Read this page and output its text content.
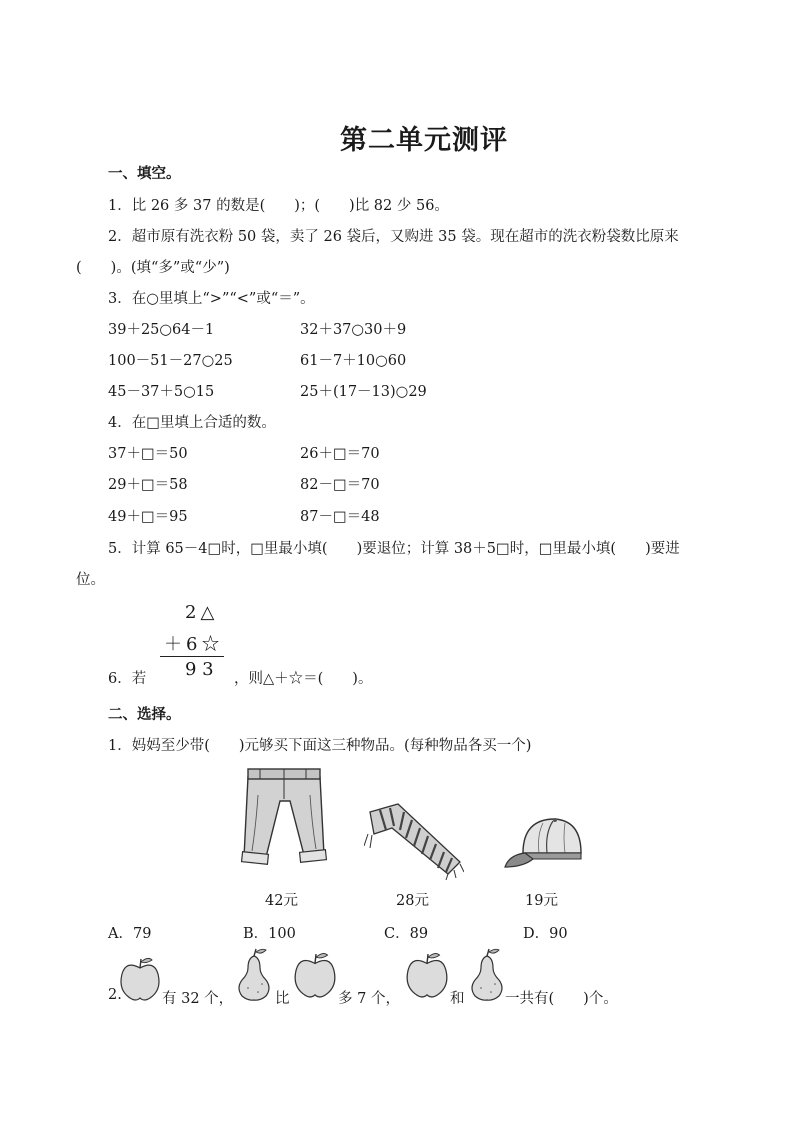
第二单元测评
一、填空。
1．比 26 多 37 的数是(　　)；(　　)比 82 少 56。
2．超市原有洗衣粉 50 袋，卖了 26 袋后，又购进 35 袋。现在超市的洗衣粉袋数比原来
(　　)。(填“多”或“少”)
3．在○里填上“>”“<”或“＝”。
39＋25○64－1	32＋37○30＋9
100－51－27○25	61－7＋10○60
45－37＋5○15	25＋(17－13)○29
4．在□里填上合适的数。
37＋□＝50	26＋□＝70
29＋□＝58	82－□＝70
49＋□＝95	87－□＝48
5．计算 65－4□时，□里最小填(　　)要退位；计算 38＋5□时，□里最小填(　　)要进
位。
2△
＋6☆
9 3
6．若	，则△＋☆＝(　　)。
二、选择。
1．妈妈至少带(　　)元够买下面这三种物品。(每种物品各买一个)
42元	28元	19元
A．79	B．100	C．89	D．90
2.	有 32 个，	比	多 7 个，	和	一共有(　　)个。
